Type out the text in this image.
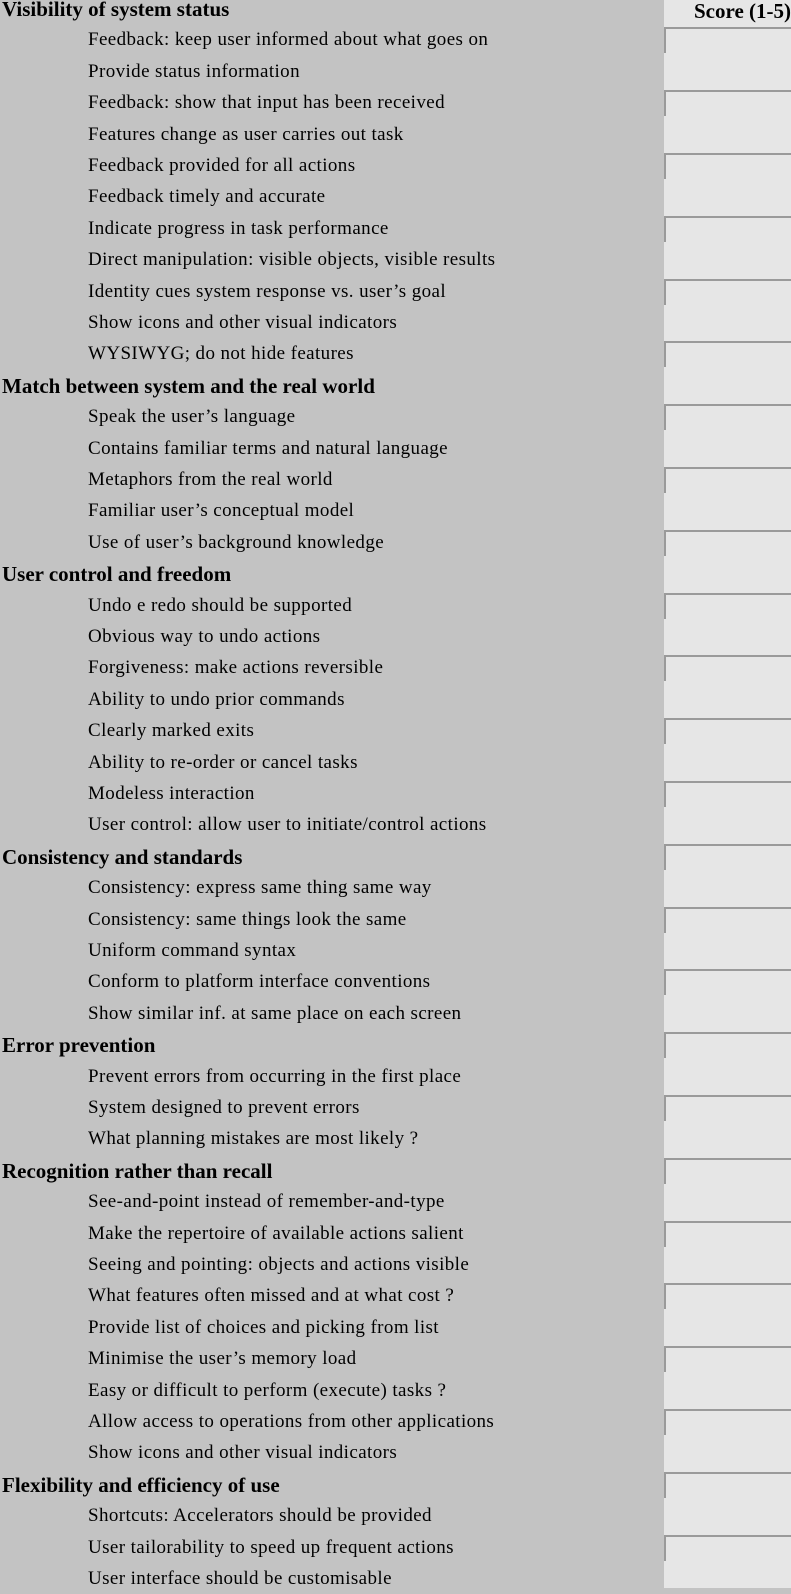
Score (1-5)
Visibility of system status
Feedback: keep user informed about what goes on
Provide status information
Feedback: show that input has been received
Features change as user carries out task
Feedback provided for all actions
Feedback timely and accurate
Indicate progress in task performance
Direct manipulation: visible objects, visible results
Identity cues system response vs. user’s goal
Show icons and other visual indicators
WYSIWYG; do not hide features
Match between system and the real world
Speak the user’s language
Contains familiar terms and natural language
Metaphors from the real world
Familiar user’s conceptual model
Use of user’s background knowledge
User control and freedom
Undo e redo should be supported
Obvious way to undo actions
Forgiveness: make actions reversible
Ability to undo prior commands
Clearly marked exits
Ability to re-order or cancel tasks
Modeless interaction
User control: allow user to initiate/control actions
Consistency and standards
Consistency: express same thing same way
Consistency: same things look the same
Uniform command syntax
Conform to platform interface conventions
Show similar inf. at same place on each screen
Error prevention
Prevent errors from occurring in the first place
System designed to prevent errors
What planning mistakes are most likely ?
Recognition rather than recall
See-and-point instead of remember-and-type
Make the repertoire of available actions salient
Seeing and pointing: objects and actions visible
What features often missed and at what cost ?
Provide list of choices and picking from list
Minimise the user’s memory load
Easy or difficult to perform (execute) tasks ?
Allow access to operations from other applications
Show icons and other visual indicators
Flexibility and efficiency of use
Shortcuts: Accelerators should be provided
User tailorability to speed up frequent actions
User interface should be customisable
